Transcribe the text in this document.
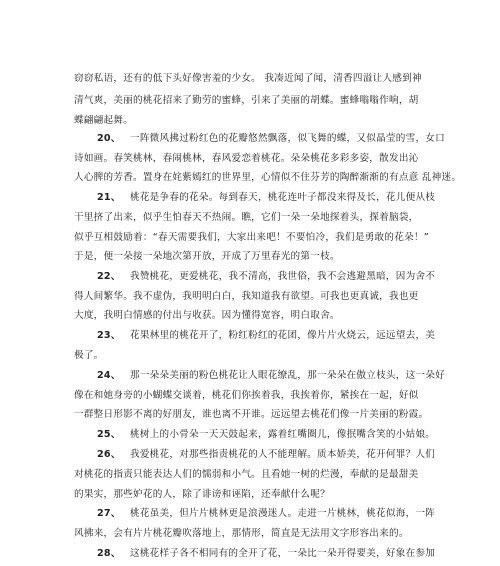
窃窃私语，还有的低下头好像害羞的少女。 我凑近闻了闻，清香四溢让人感到神
清气爽，美丽的桃花招来了勤劳的蜜蜂，引来了美丽的胡蝶。蜜蜂嗡嗡作响，胡
蝶翩翩起舞。
20、 一阵微风拂过粉红色的花瓣悠然飘落，似飞舞的蝶，又似晶莹的雪，女口
诗如画。春笑桃林，春闹桃林，春风爱恋着桃花。朵朵桃花多彩多姿，散发出沁
人心脾的芳香。置身在姹紫嫣红的世界里，心情似不住芬芳的陶醉渐渐的有点意 乱神迷。
21、 桃花是争春的花朵。每到春天，桃花连叶子都没来得及长，花儿便从枝
干里挤了出来，似乎生怕春天不热闹。瞧，它们一朵一朵地探着头，探着脑袋，
似乎互相鼓励着：“春天需要我们，大家出来吧！不要怕冷，我们是勇敢的花朵！”
于是，便一朵接一朵地次第开放，开成了万里春光的第一枝。
22、 我赞桃花，更爱桃花，我不清高，我世俗，我不会逃避黑暗，因为舍不
得人间繁华。我不虚伪，我明明白白，我知道我有欲望。可我也更真诚，我也更
大度，我明白情感的付出与收获。因为懂得宽容，明白取舍。
23、 花果林里的桃花开了，粉红粉红的花团，像片片火烧云，远远望去，美
极了。
24、 那一朵朵美丽的粉色桃花让人眼花缭乱，那一朵朵在傲立枝头，这一朵好
像在和她身旁的小蝴蝶交谈着，桃花们你挨着我，我挨着你，紧挨在一起，好似
一群整日形影不离的好朋友，谁也离不开谁。远远望去桃花们像一片美丽的粉霞。
25、 桃树上的小骨朵一天天鼓起来，露着红嘴圈儿，像抿嘴含笑的小姑娘。
26、 我爱桃花，对那些指责桃花的人不能理解。质本娇美，花开何罪？人们
对桃花的指责只能表达人们的懦弱和小气。且看她一树的烂漫，奉献的是最甜美
的果实，那些妒花的人，除了诽谤和诬陷，还奉献什么呢？
27、 桃花虽美，但片片桃林更是浪漫迷人。走进一片桃林，桃花似海，一阵
风拂来，会有片片桃花瓣吹落地上，那情形，简直是无法用文字形容出来的。
28、 这桃花样子各不相同有的全开了花，一朵比一朵开得要美，好象在参加
